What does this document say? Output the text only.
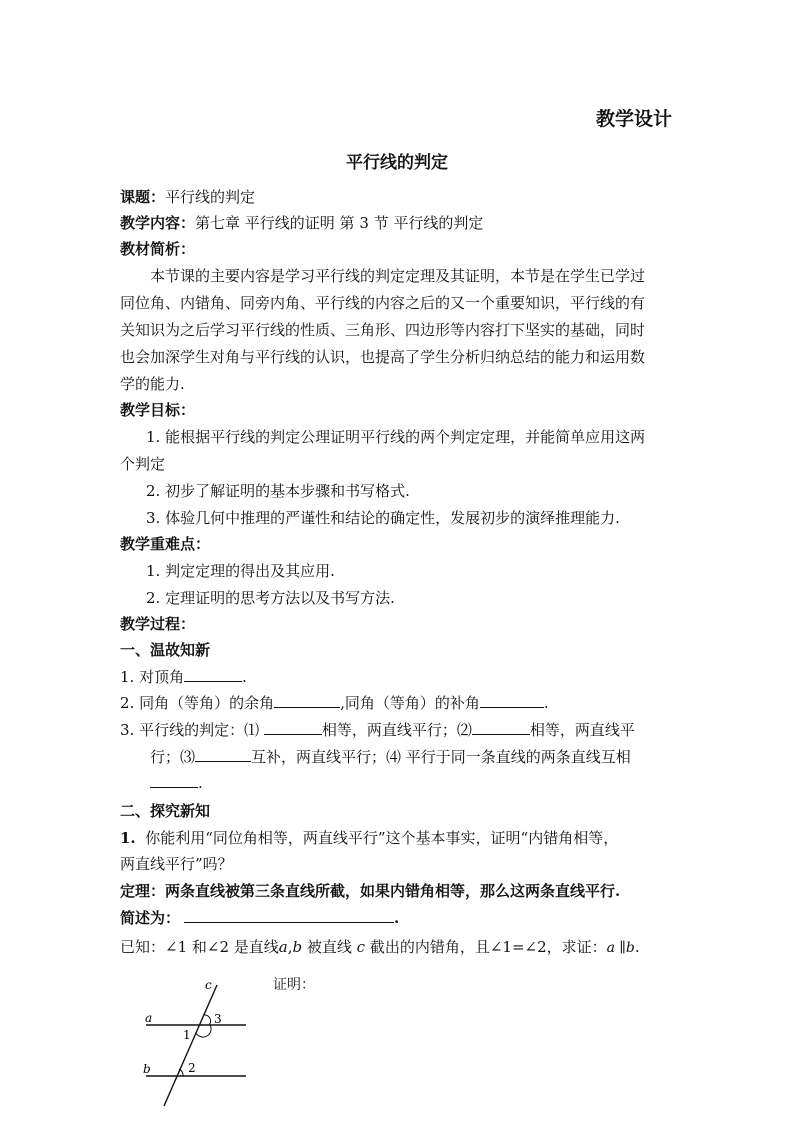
教学设计
平行线的判定
课题：平行线的判定
教学内容：第七章 平行线的证明 第 3 节 平行线的判定
教材简析：
本节课的主要内容是学习平行线的判定定理及其证明，本节是在学生已学过
同位角、内错角、同旁内角、平行线的内容之后的又一个重要知识，平行线的有
关知识为之后学习平行线的性质、三角形、四边形等内容打下坚实的基础，同时
也会加深学生对角与平行线的认识，也提高了学生分析归纳总结的能力和运用数
学的能力.
教学目标：
1. 能根据平行线的判定公理证明平行线的两个判定定理，并能简单应用这两
个判定
2. 初步了解证明的基本步骤和书写格式.
3. 体验几何中推理的严谨性和结论的确定性，发展初步的演绎推理能力.
教学重难点：
1. 判定定理的得出及其应用.
2. 定理证明的思考方法以及书写方法.
教学过程：
一、温故知新
1. 对顶角	.
2. 同角（等角）的余角	,同角（等角）的补角	.
3. 平行线的判定：⑴	相等，两直线平行；⑵	相等，两直线平
行；⑶	互补，两直线平行；⑷ 平行于同一条直线的两条直线互相
.
二、探究新知
1. 你能利用“同位角相等，两直线平行”这个基本事实，证明“内错角相等，
两直线平行”吗？
定理：两条直线被第三条直线所截，如果内错角相等，那么这两条直线平行.
简述为：	.
已知：∠1 和∠2 是直线a,b 被直线 c 截出的内错角，且∠1=∠2，求证：a ∥b.
证明：
c
a
b
1
2
3
